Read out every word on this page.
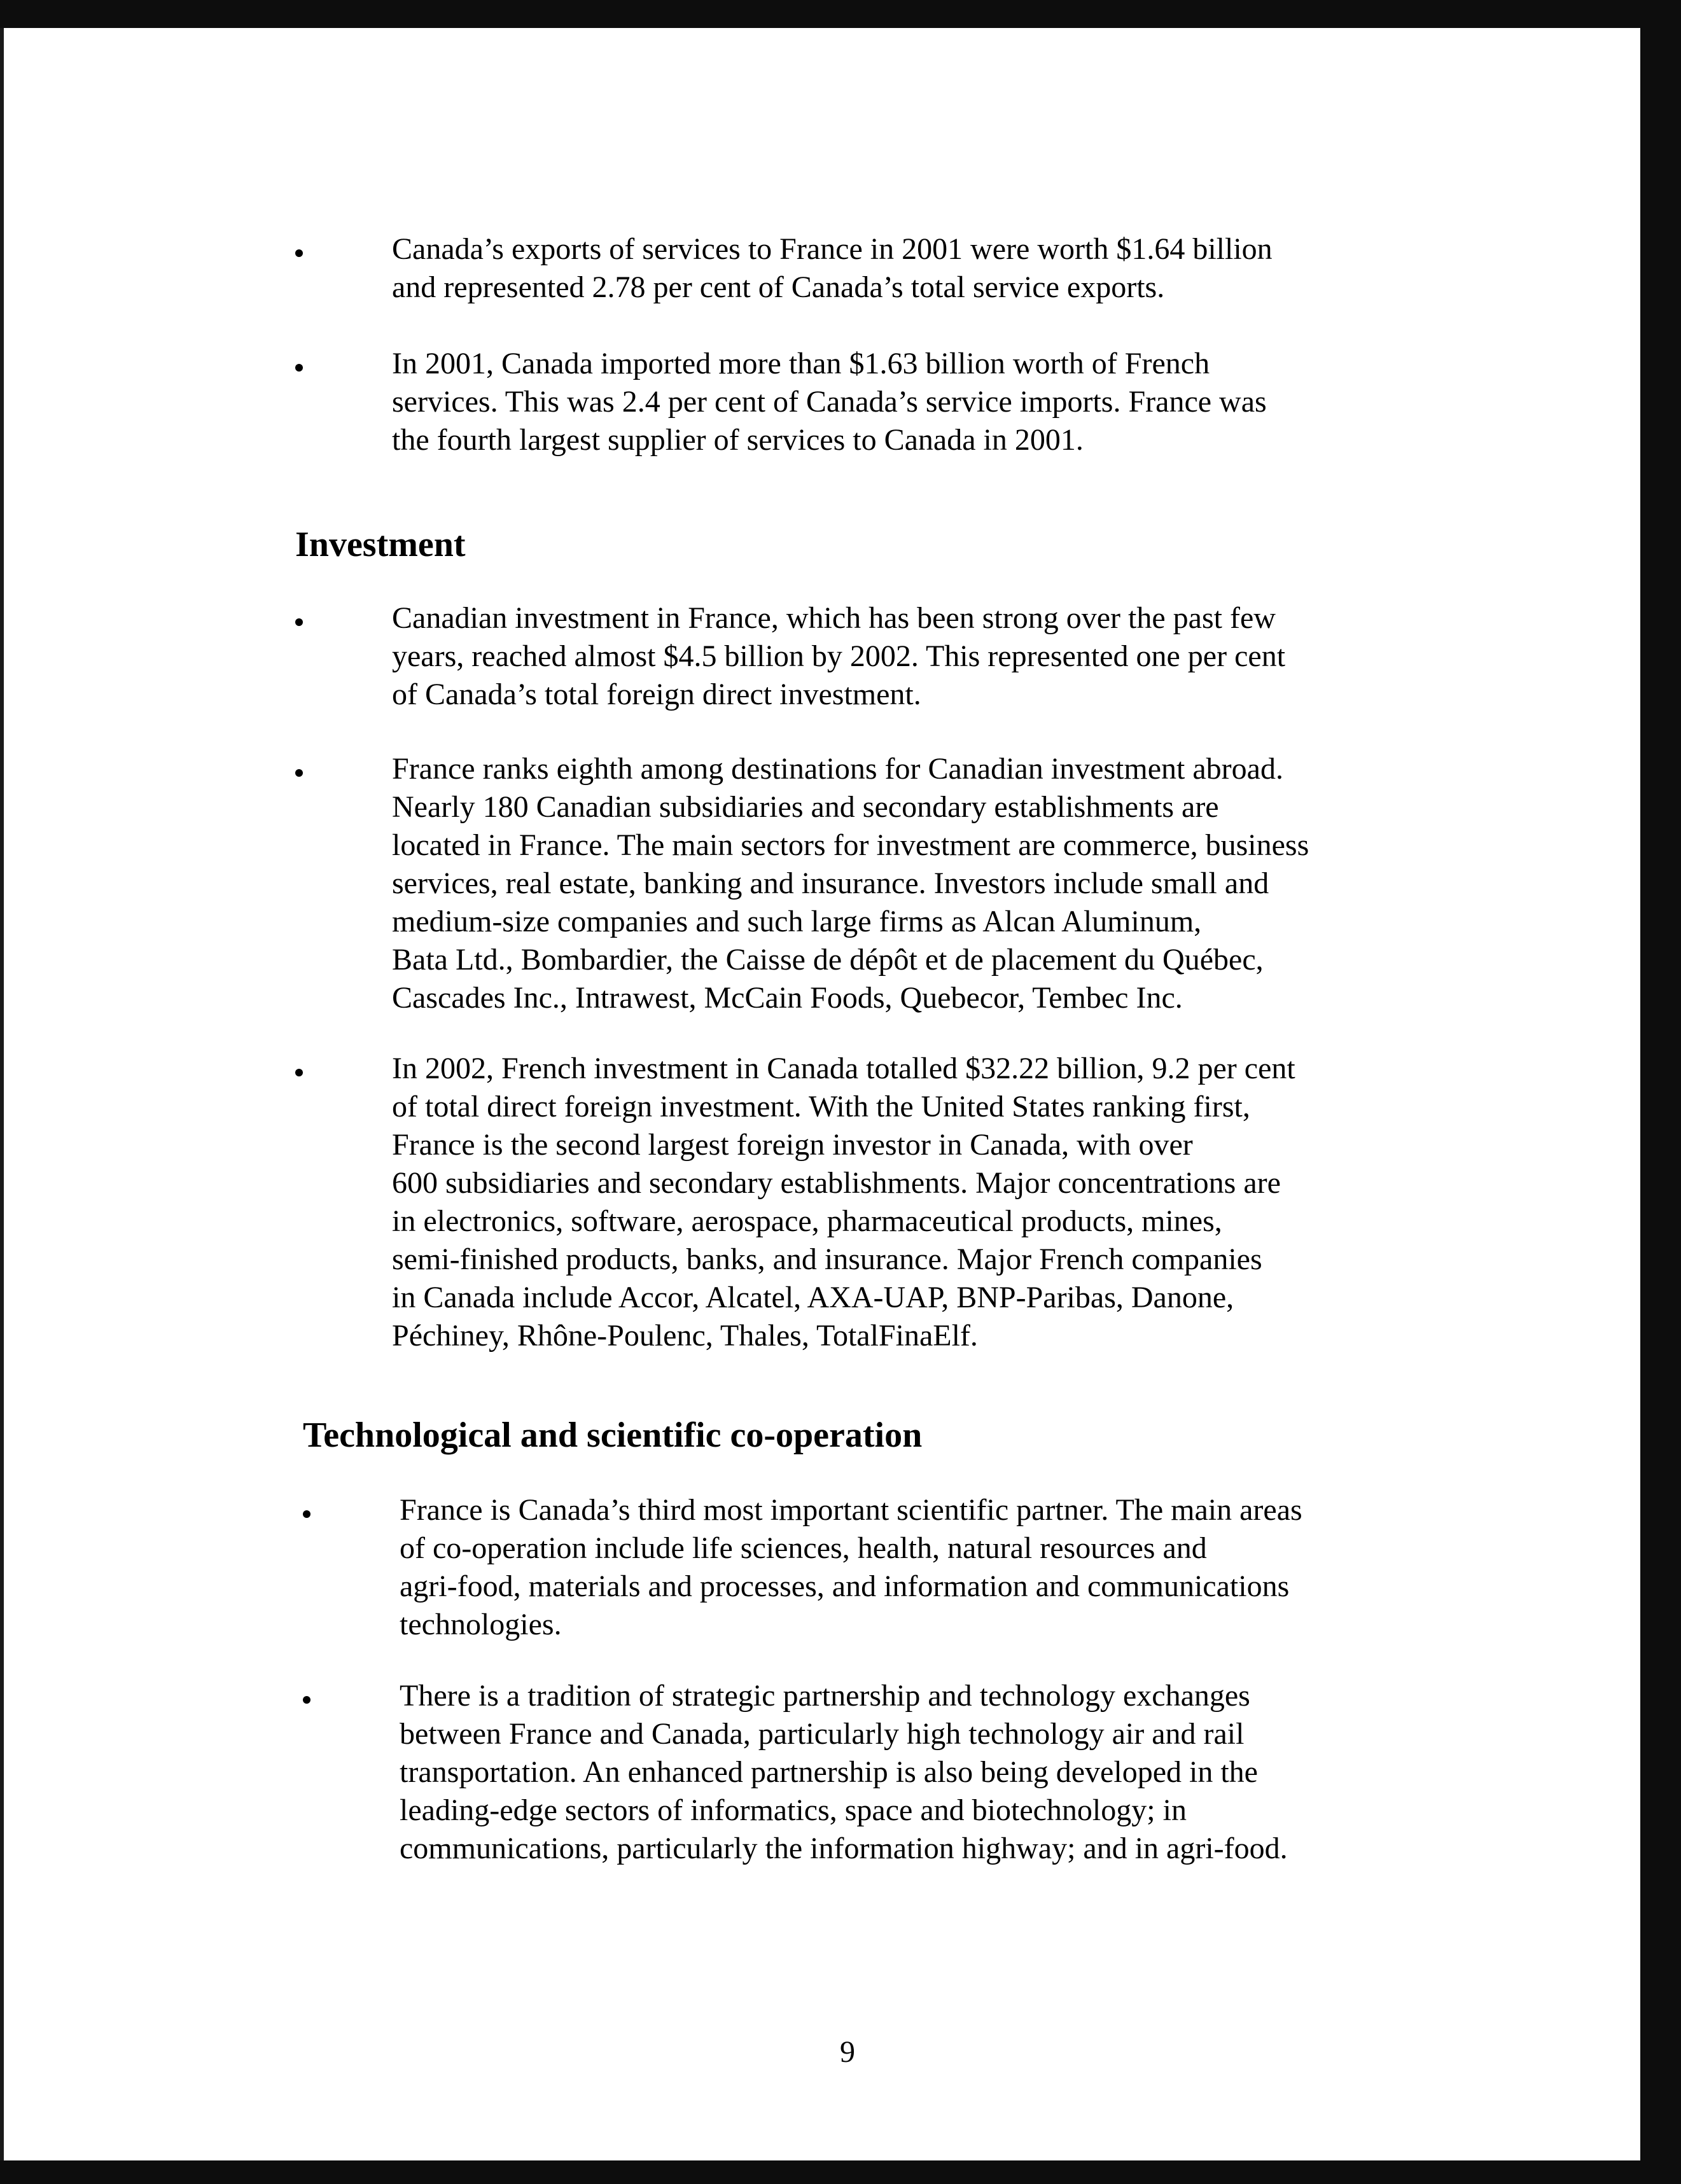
Canada’s exports of services to France in 2001 were worth $1.64 billion
and represented 2.78 per cent of Canada’s total service exports.
In 2001, Canada imported more than $1.63 billion worth of French
services. This was 2.4 per cent of Canada’s service imports. France was
the fourth largest supplier of services to Canada in 2001.
Investment
Canadian investment in France, which has been strong over the past few
years, reached almost $4.5 billion by 2002. This represented one per cent
of Canada’s total foreign direct investment.
France ranks eighth among destinations for Canadian investment abroad.
Nearly 180 Canadian subsidiaries and secondary establishments are
located in France. The main sectors for investment are commerce, business
services, real estate, banking and insurance. Investors include small and
medium-size companies and such large firms as Alcan Aluminum,
Bata Ltd., Bombardier, the Caisse de dépôt et de placement du Québec,
Cascades Inc., Intrawest, McCain Foods, Quebecor, Tembec Inc.
In 2002, French investment in Canada totalled $32.22 billion, 9.2 per cent
of total direct foreign investment. With the United States ranking first,
France is the second largest foreign investor in Canada, with over
600 subsidiaries and secondary establishments. Major concentrations are
in electronics, software, aerospace, pharmaceutical products, mines,
semi-finished products, banks, and insurance. Major French companies
in Canada include Accor, Alcatel, AXA-UAP, BNP-Paribas, Danone,
Péchiney, Rhône-Poulenc, Thales, TotalFinaElf.
Technological and scientific co-operation
France is Canada’s third most important scientific partner. The main areas
of co-operation include life sciences, health, natural resources and
agri-food, materials and processes, and information and communications
technologies.
There is a tradition of strategic partnership and technology exchanges
between France and Canada, particularly high technology air and rail
transportation. An enhanced partnership is also being developed in the
leading-edge sectors of informatics, space and biotechnology; in
communications, particularly the information highway; and in agri-food.
9
